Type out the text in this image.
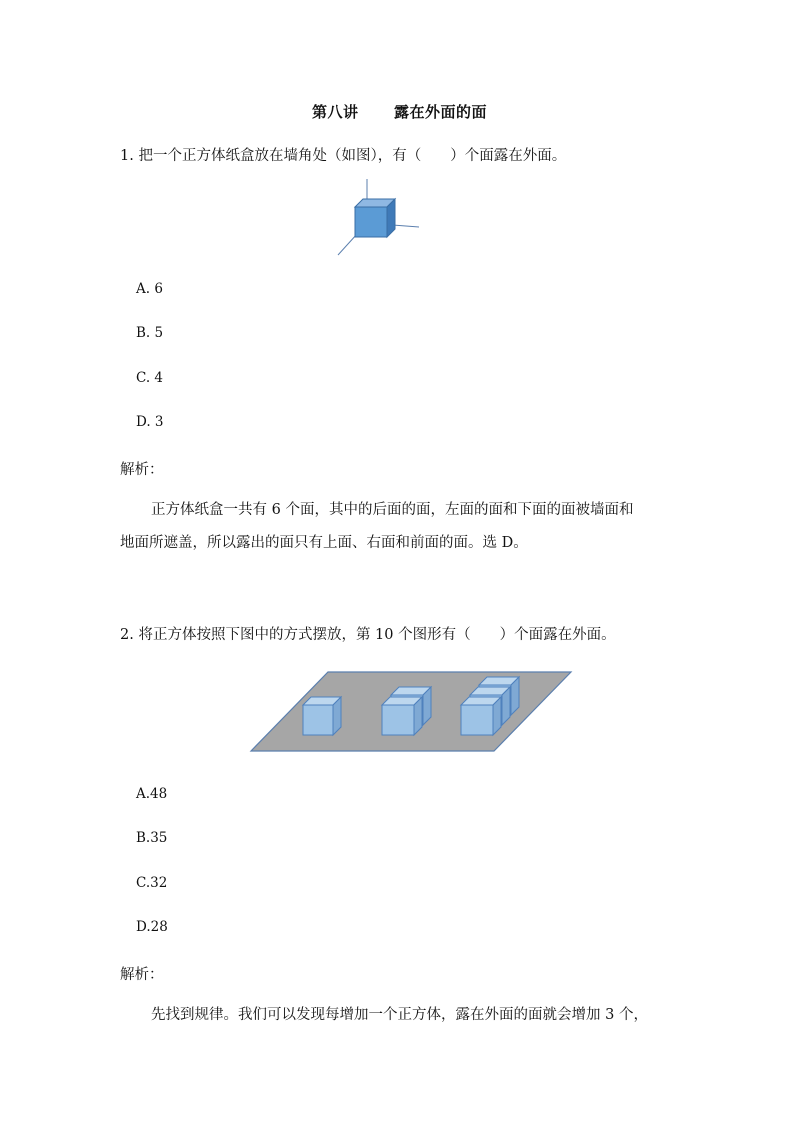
第八讲 露在外面的面
1. 把一个正方体纸盒放在墙角处（如图），有（　　）个面露在外面。
A. 6
B. 5
C. 4
D. 3
解析：
正方体纸盒一共有 6 个面，其中的后面的面，左面的面和下面的面被墙面和
地面所遮盖，所以露出的面只有上面、右面和前面的面。选 D。
2. 将正方体按照下图中的方式摆放，第 10 个图形有（　　）个面露在外面。
A.48
B.35
C.32
D.28
解析：
先找到规律。我们可以发现每增加一个正方体，露在外面的面就会增加 3 个，
